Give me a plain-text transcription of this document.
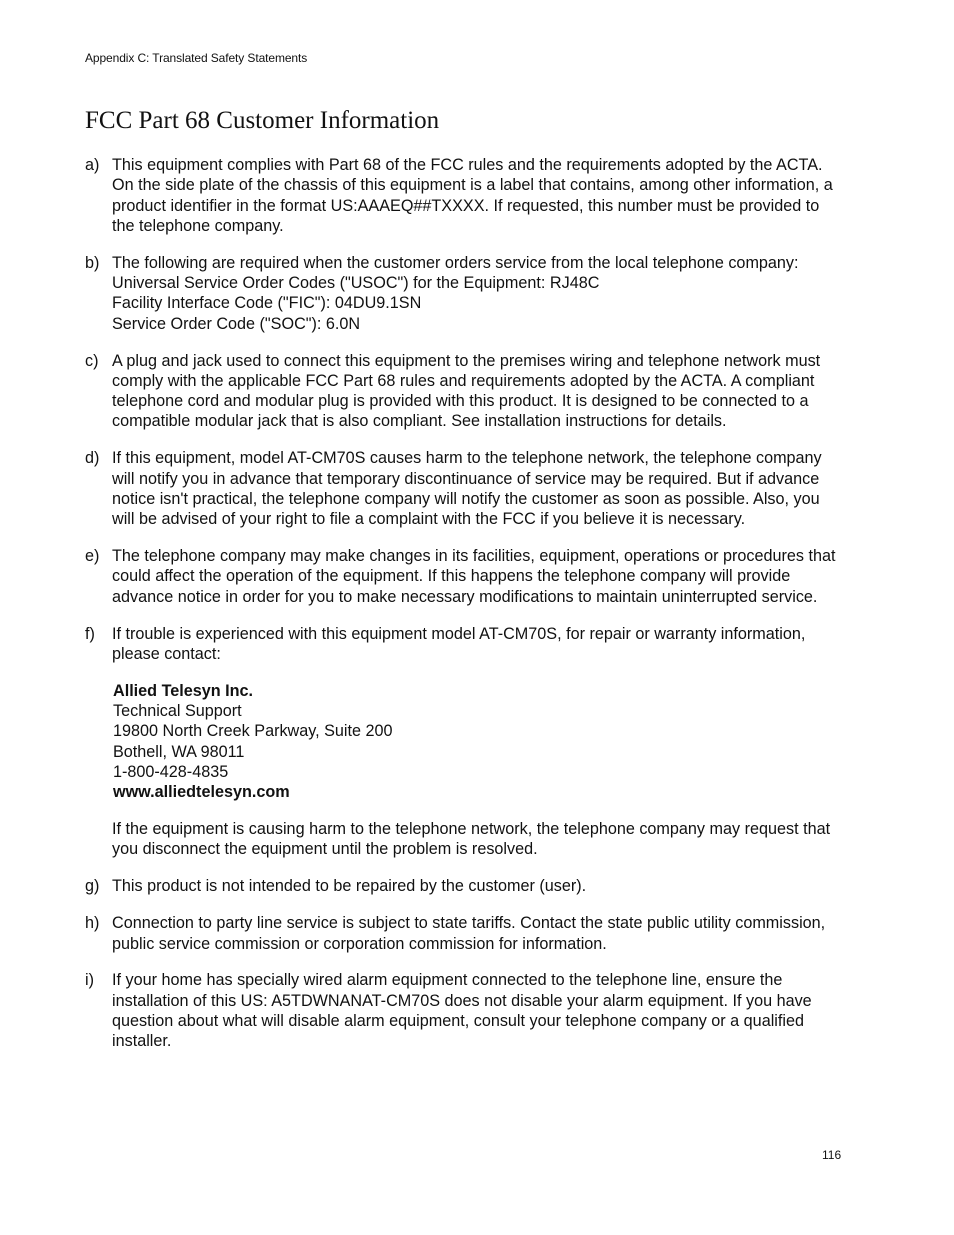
Appendix C: Translated Safety Statements
FCC Part 68 Customer Information
a) This equipment complies with Part 68 of the FCC rules and the requirements adopted by the ACTA. On the side plate of the chassis of this equipment is a label that contains, among other information, a product identifier in the format US:AAAEQ##TXXXX. If requested, this number must be provided to the telephone company.

b) The following are required when the customer orders service from the local telephone company:
Universal Service Order Codes ("USOC") for the Equipment: RJ48C
Facility Interface Code ("FIC"): 04DU9.1SN
Service Order Code ("SOC"): 6.0N
c) A plug and jack used to connect this equipment to the premises wiring and telephone network must comply with the applicable FCC Part 68 rules and requirements adopted by the ACTA. A compliant telephone cord and modular plug is provided with this product. It is designed to be connected to a compatible modular jack that is also compliant. See installation instructions for details.

d) If this equipment, model AT-CM70S causes harm to the telephone network, the telephone company will notify you in advance that temporary discontinuance of service may be required. But if advance notice isn't practical, the telephone company will notify the customer as soon as possible. Also, you will be advised of your right to file a complaint with the FCC if you believe it is necessary.

e) The telephone company may make changes in its facilities, equipment, operations or procedures that could affect the operation of the equipment. If this happens the telephone company will provide advance notice in order for you to make necessary modifications to maintain uninterrupted service.

f)	If trouble is experienced with this equipment model AT-CM70S, for repair or warranty information, please contact:

Allied Telesyn Inc.
Technical Support
19800 North Creek Parkway, Suite 200
Bothell, WA 98011
1-800-428-4835
www.alliedtelesyn.com

If the equipment is causing harm to the telephone network, the telephone company may request that you disconnect the equipment until the problem is resolved.

g) This product is not intended to be repaired by the customer (user).

h) Connection to party line service is subject to state tariffs. Contact the state public utility commission, public service commission or corporation commission for information.

i)	If your home has specially wired alarm equipment connected to the telephone line, ensure the installation of this US: A5TDWNANAT-CM70S does not disable your alarm equipment. If you have question about what will disable alarm equipment, consult your telephone company or a qualified installer.

116
